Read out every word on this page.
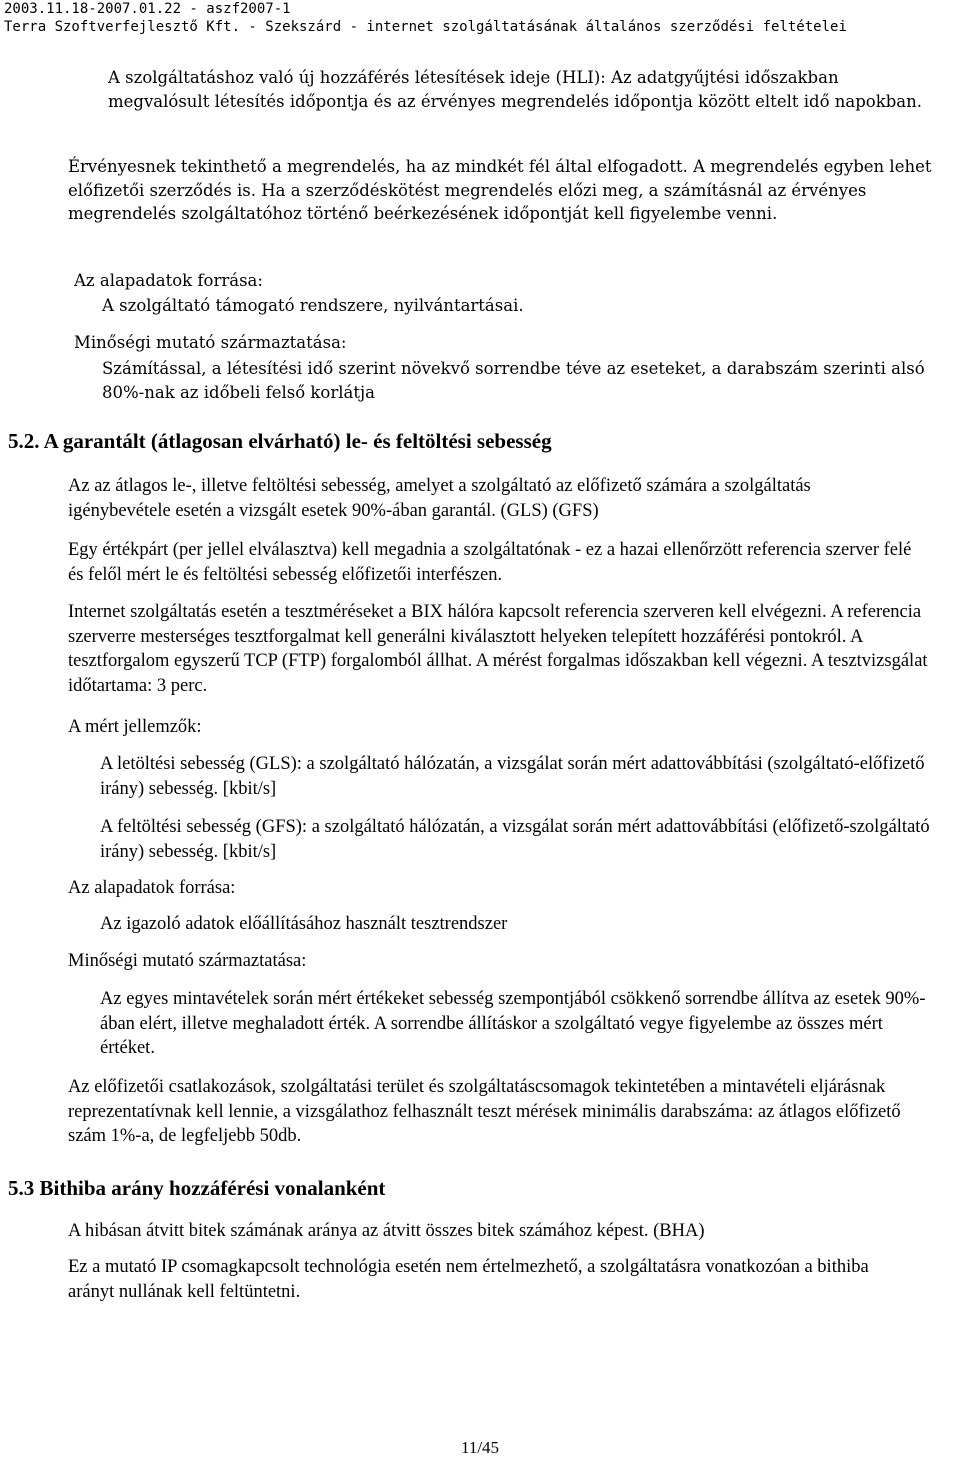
2003.11.18-2007.01.22 - aszf2007-1
Terra Szoftverfejlesztő Kft. - Szekszárd - internet szolgáltatásának általános szerződési feltételei

A szolgáltatáshoz való új hozzáférés létesítések ideje (HLI): Az adatgyűjtési időszakban megvalósult létesítés időpontja és az érvényes megrendelés időpontja között eltelt idő napokban.

Érvényesnek tekinthető a megrendelés, ha az mindkét fél által elfogadott. A megrendelés egyben lehet előfizetői szerződés is. Ha a szerződéskötést megrendelés előzi meg, a számításnál az érvényes megrendelés szolgáltatóhoz történő beérkezésének időpontját kell figyelembe venni.

Az alapadatok forrása:

A szolgáltató támogató rendszere, nyilvántartásai.

Minőségi mutató származtatása:

Számítással, a létesítési idő szerint növekvő sorrendbe téve az eseteket, a darabszám szerinti alsó 80%-nak az időbeli felső korlátja

5.2. A garantált (átlagosan elvárható) le- és feltöltési sebesség

Az az átlagos le-, illetve feltöltési sebesség, amelyet a szolgáltató az előfizető számára a szolgáltatás igénybevétele esetén a vizsgált esetek 90%-ában garantál. (GLS) (GFS)

Egy értékpárt (per jellel elválasztva) kell megadnia a szolgáltatónak - ez a hazai ellenőrzött referencia szerver felé és felől mért le és feltöltési sebesség előfizetői interfészen.

Internet szolgáltatás esetén a tesztméréseket a BIX hálóra kapcsolt referencia szerveren kell elvégezni. A referencia szerverre mesterséges tesztforgalmat kell generálni kiválasztott helyeken telepített hozzáférési pontokról. A tesztforgalom egyszerű TCP (FTP) forgalomból állhat. A mérést forgalmas időszakban kell végezni. A tesztvizsgálat időtartama: 3 perc.

A mért jellemzők:

A letöltési sebesség (GLS): a szolgáltató hálózatán, a vizsgálat során mért adattovábbítási (szolgáltató-előfizető irány) sebesség. [kbit/s]

A feltöltési sebesség (GFS): a szolgáltató hálózatán, a vizsgálat során mért adattovábbítási (előfizető-szolgáltató irány) sebesség. [kbit/s]

Az alapadatok forrása:

Az igazoló adatok előállításához használt tesztrendszer

Minőségi mutató származtatása:

Az egyes mintavételek során mért értékeket sebesség szempontjából csökkenő sorrendbe állítva az esetek 90%-ában elért, illetve meghaladott érték. A sorrendbe állításkor a szolgáltató vegye figyelembe az összes mért értéket.

Az előfizetői csatlakozások, szolgáltatási terület és szolgáltatáscsomagok tekintetében a mintavételi eljárásnak reprezentatívnak kell lennie, a vizsgálathoz felhasznált teszt mérések minimális darabszáma: az átlagos előfizető szám 1%-a, de legfeljebb 50db.

5.3 Bithiba arány hozzáférési vonalanként

A hibásan átvitt bitek számának aránya az átvitt összes bitek számához képest. (BHA)

Ez a mutató IP csomagkapcsolt technológia esetén nem értelmezhető, a szolgáltatásra vonatkozóan a bithiba arányt nullának kell feltüntetni.

11/45
